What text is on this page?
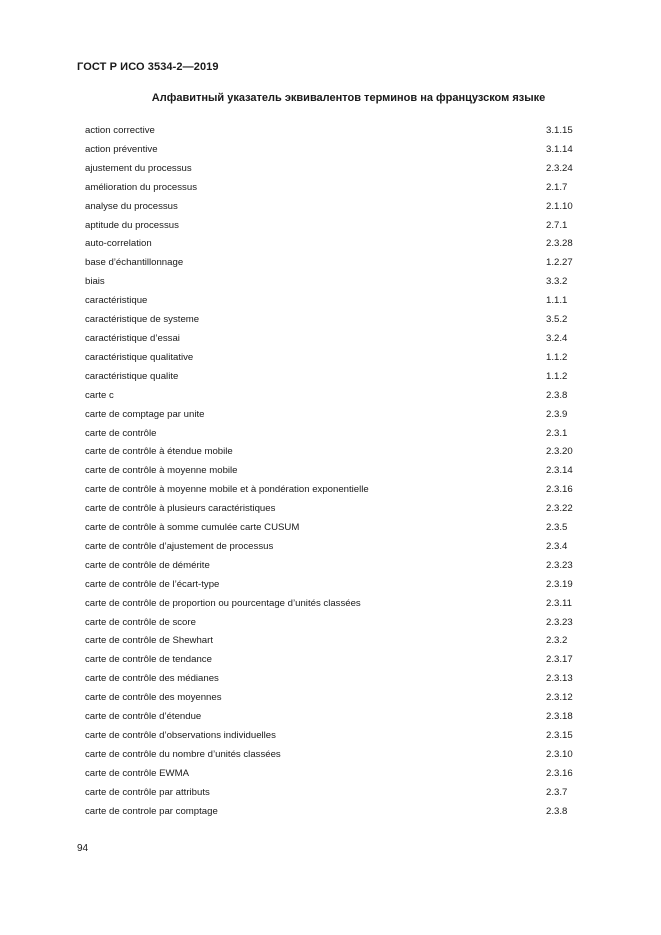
ГОСТ Р ИСО 3534-2—2019
Алфавитный указатель эквивалентов терминов на французском языке
action corrective	3.1.15
action préventive	3.1.14
ajustement du processus	2.3.24
amélioration du processus	2.1.7
analyse du processus	2.1.10
aptitude du processus	2.7.1
auto-correlation	2.3.28
base d’échantillonnage	1.2.27
biais	3.3.2
caractéristique	1.1.1
caractéristique de systeme	3.5.2
caractéristique d’essai	3.2.4
caractéristique qualitative	1.1.2
caractéristique qualite	1.1.2
carte c	2.3.8
carte de comptage par unite	2.3.9
carte de contrôle	2.3.1
carte de contrôle à étendue mobile	2.3.20
carte de contrôle à moyenne mobile	2.3.14
carte de contrôle à moyenne mobile et à pondération exponentielle	2.3.16
carte de contrôle à plusieurs caractéristiques	2.3.22
carte de contrôle à somme cumulée carte CUSUM	2.3.5
carte de contrôle d’ajustement de processus	2.3.4
carte de contrôle de démérite	2.3.23
carte de contrôle de l’écart-type	2.3.19
carte de contrôle de proportion ou pourcentage d’unités classées	2.3.11
carte de contrôle de score	2.3.23
carte de contrôle de Shewhart	2.3.2
carte de contrôle de tendance	2.3.17
carte de contrôle des médianes	2.3.13
carte de contrôle des moyennes	2.3.12
carte de contrôle d’étendue	2.3.18
carte de contrôle d’observations individuelles	2.3.15
carte de contrôle du nombre d’unités classées	2.3.10
carte de contrôle EWMA	2.3.16
carte de contrôle par attributs	2.3.7
carte de controle par comptage	2.3.8
94
